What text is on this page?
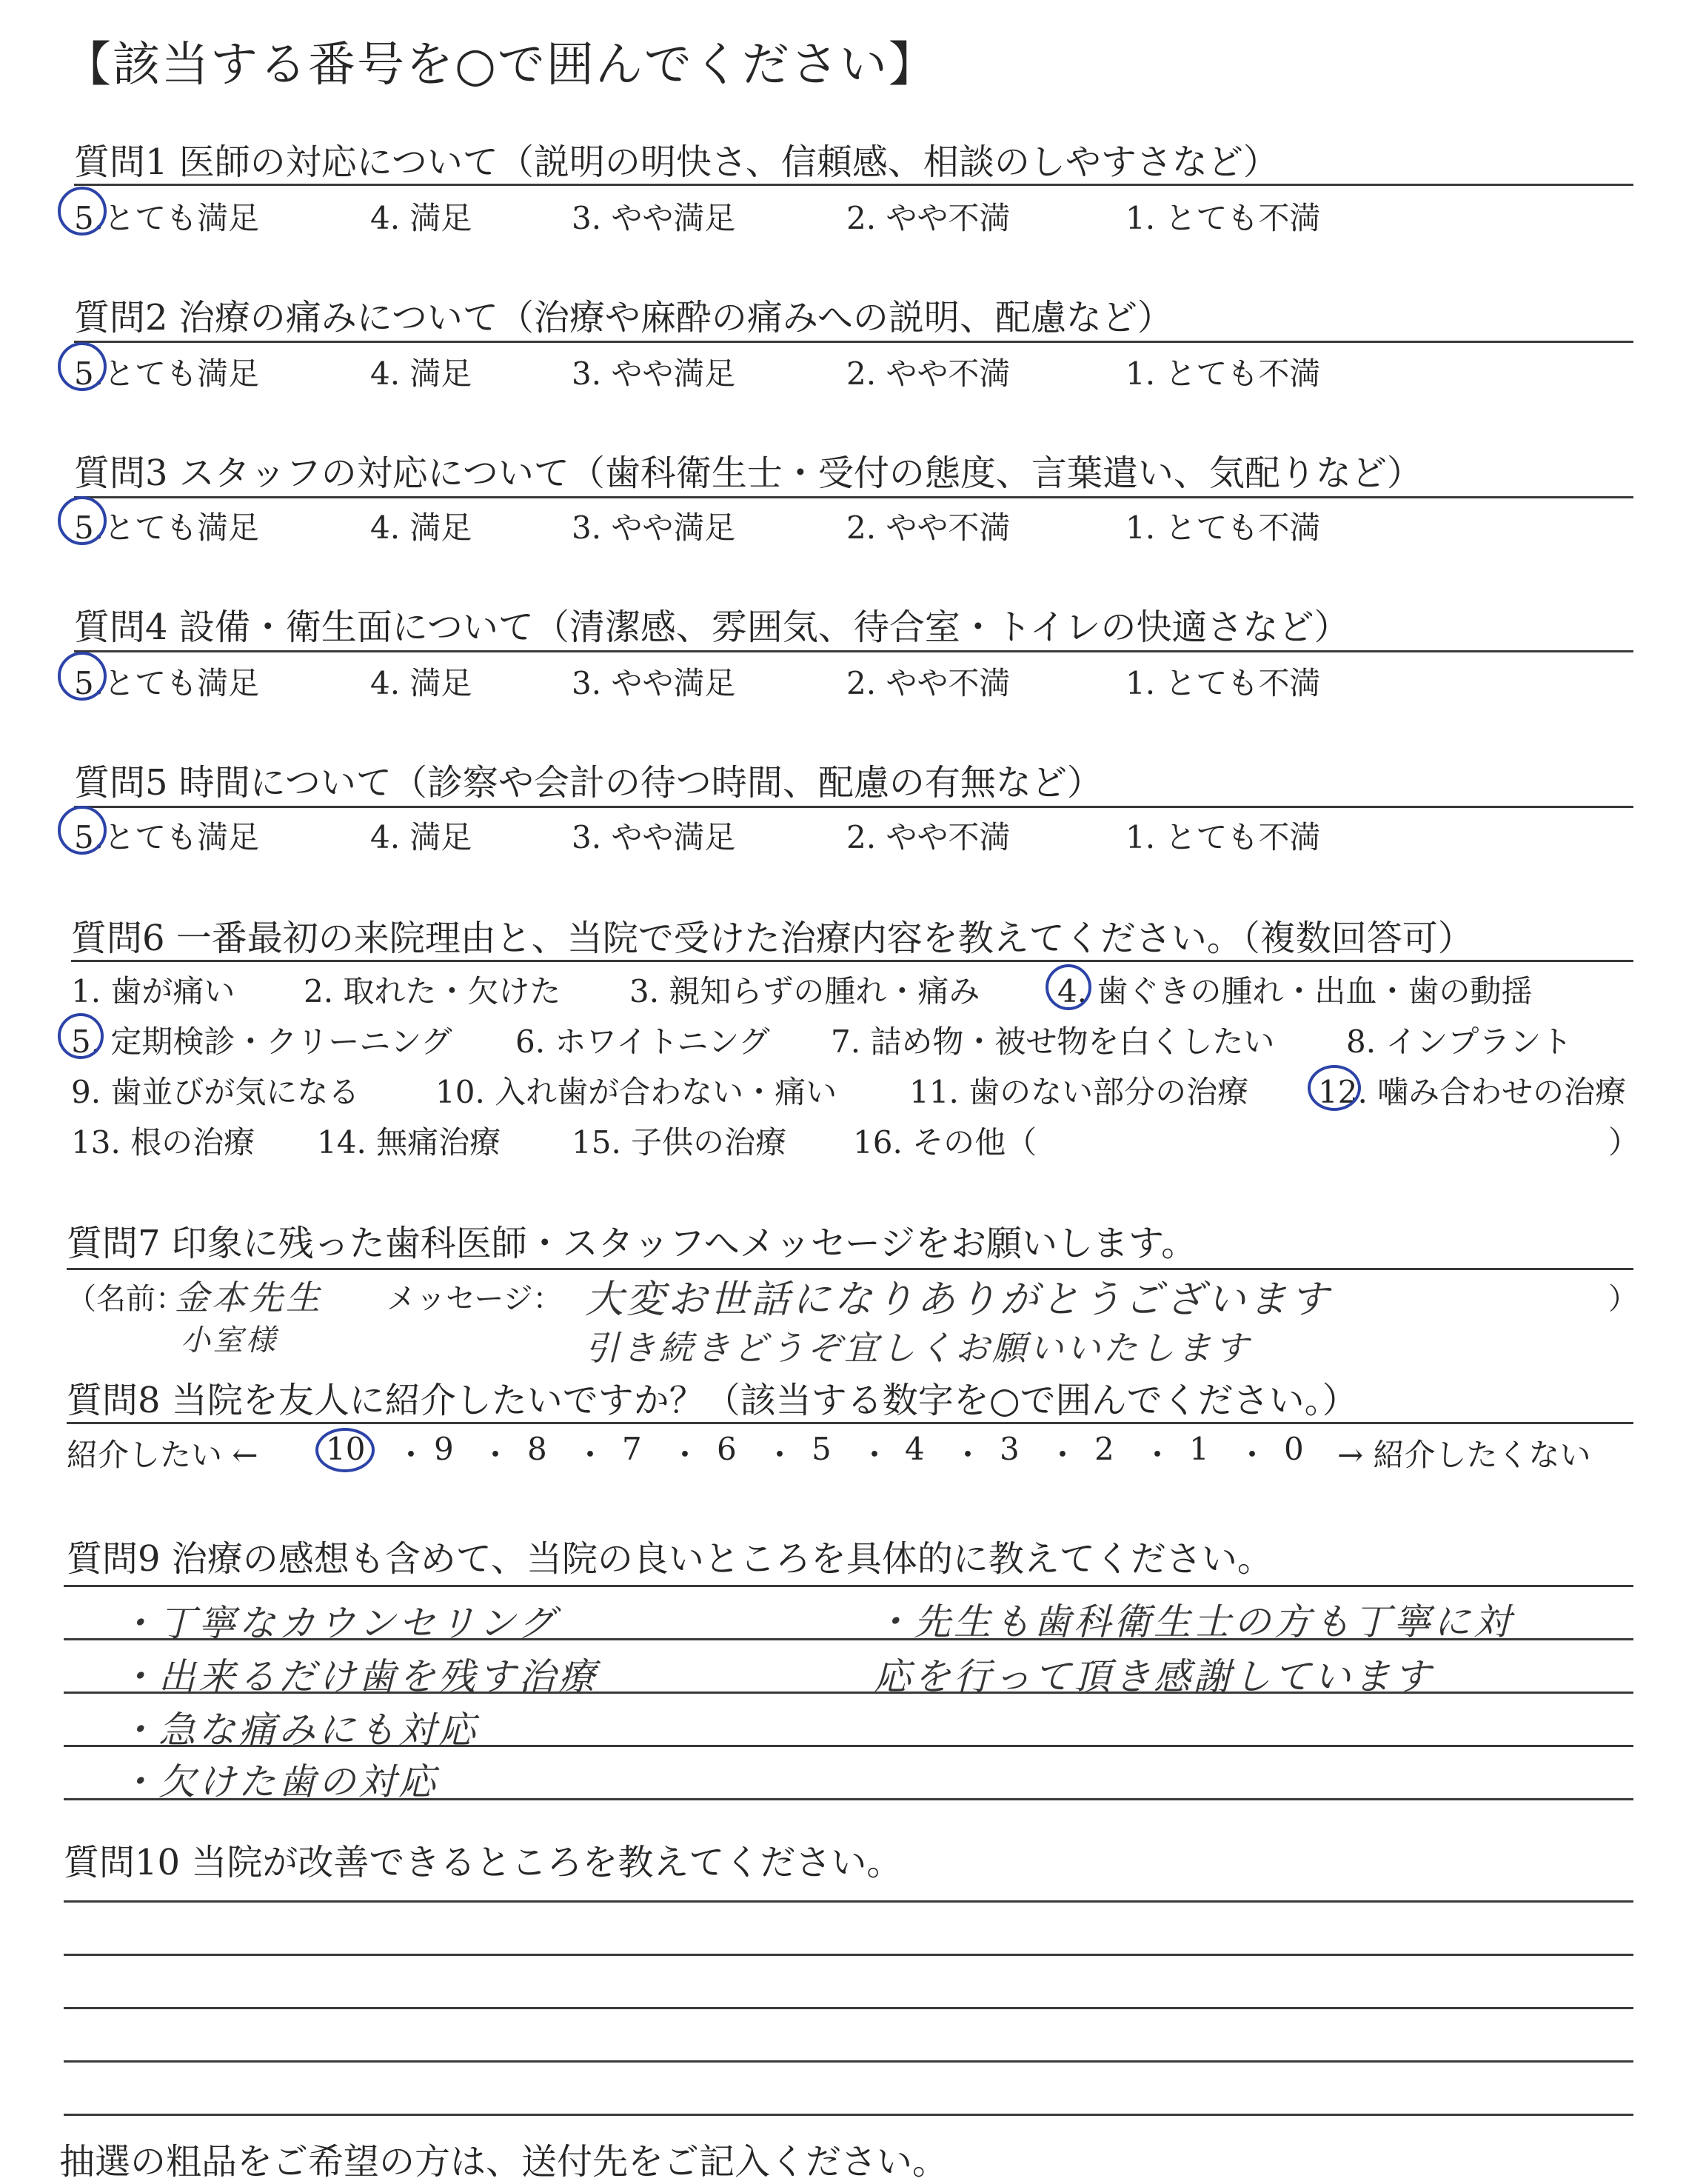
【該当する番号を○で囲んでください】
質問1 医師の対応について（説明の明快さ、信頼感、相談のしやすさなど）
5.とても満足	4. 満足	3. やや満足	2. やや不満	1. とても不満
質問2 治療の痛みについて（治療や麻酔の痛みへの説明、配慮など）
5.とても満足	4. 満足	3. やや満足	2. やや不満	1. とても不満
質問3 スタッフの対応について（歯科衛生士・受付の態度、言葉遣い、気配りなど）
5.とても満足	4. 満足	3. やや満足	2. やや不満	1. とても不満
質問4 設備・衛生面について（清潔感、雰囲気、待合室・トイレの快適さなど）
5.とても満足	4. 満足	3. やや満足	2. やや不満	1. とても不満
質問5 時間について（診察や会計の待つ時間、配慮の有無など）
5.とても満足	4. 満足	3. やや満足	2. やや不満	1. とても不満
質問6 一番最初の来院理由と、当院で受けた治療内容を教えてください。（複数回答可）
1. 歯が痛い 2. 取れた・欠けた 3. 親知らずの腫れ・痛み 4. 歯ぐきの腫れ・出血・歯の動揺
5. 定期検診・クリーニング 6. ホワイトニング 7. 詰め物・被せ物を白くしたい 8. インプラント
9. 歯並びが気になる 10. 入れ歯が合わない・痛い 11. 歯のない部分の治療 12. 噛み合わせの治療
13. 根の治療 14. 無痛治療 15. 子供の治療 16. その他（	）
質問7 印象に残った歯科医師・スタッフへメッセージをお願いします。
（名前：	メッセージ：	）
金本先生
小室様
大変お世話になりありがとうございます
引き続きどうぞ宜しくお願いいたします
質問8 当院を友人に紹介したいですか？（該当する数字を○で囲んでください。）
紹介したい ← 10 ・ 9 ・ 8 ・ 7 ・ 6 ・ 5 ・ 4 ・ 3 ・ 2 ・ 1 ・ 0 → 紹介したくない
質問9 治療の感想も含めて、当院の良いところを具体的に教えてください。
・丁寧なカウンセリング
・出来るだけ歯を残す治療
・急な痛みにも対応
・欠けた歯の対応
・先生も歯科衛生士の方も丁寧に対
応を行って頂き感謝しています
質問10 当院が改善できるところを教えてください。
抽選の粗品をご希望の方は、送付先をご記入ください。
